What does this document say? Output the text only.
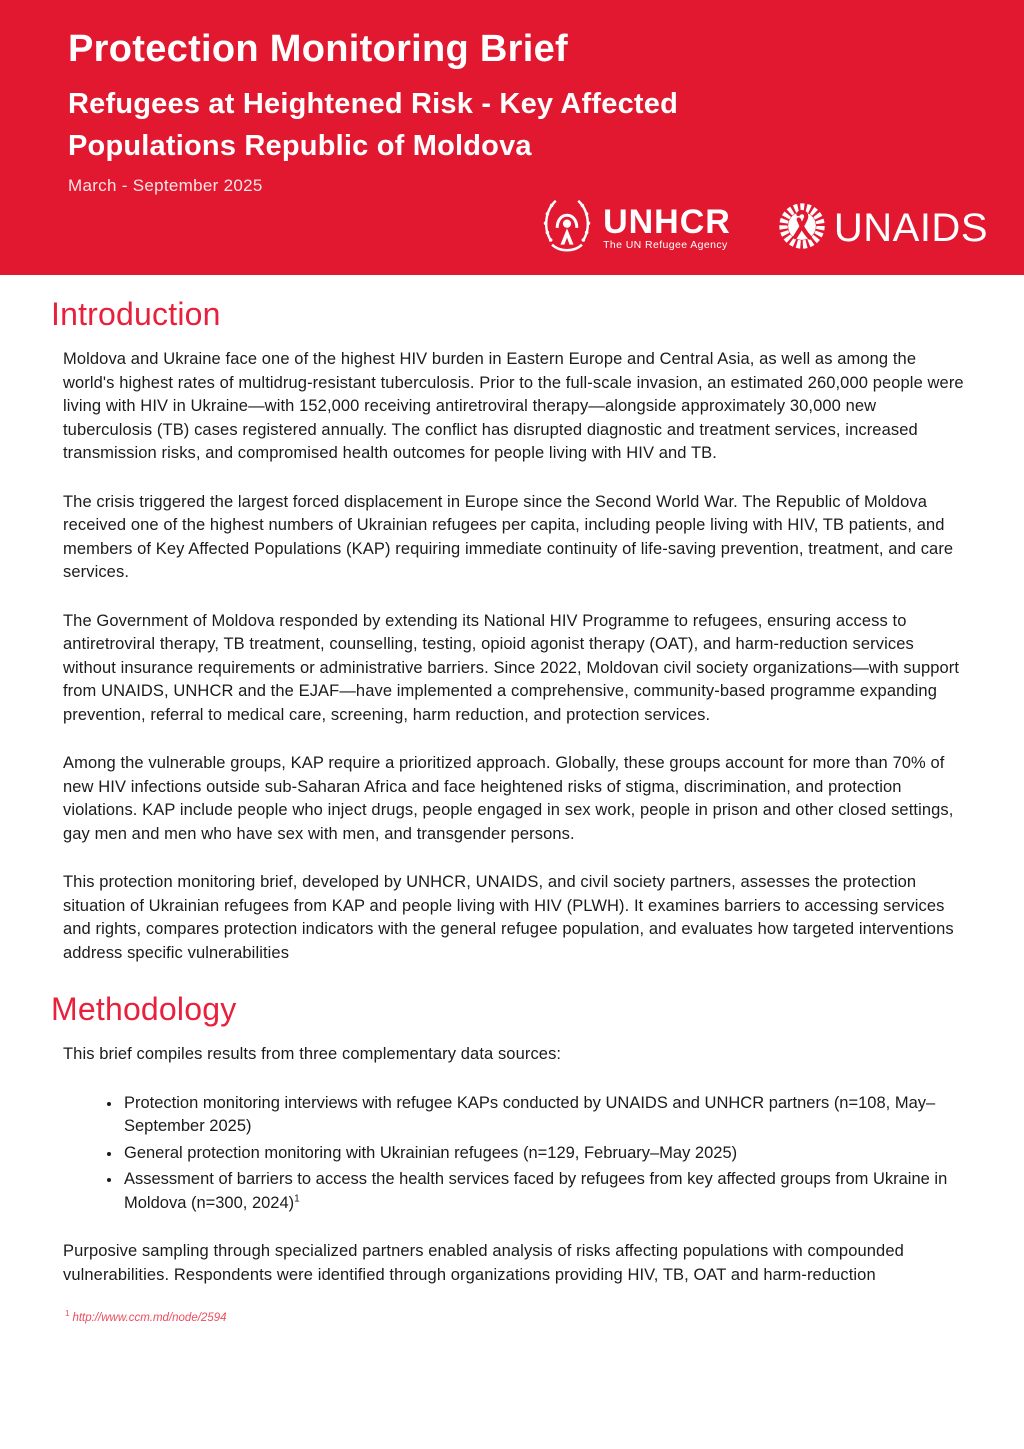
Protection Monitoring Brief
Refugees at Heightened Risk - Key Affected
Populations Republic of Moldova
March - September 2025
UNHCR
The UN Refugee Agency	UNAIDS
Introduction

Moldova and Ukraine face one of the highest HIV burden in Eastern Europe and Central Asia, as well as among the world's highest rates of multidrug-resistant tuberculosis. Prior to the full-scale invasion, an estimated 260,000 people were living with HIV in Ukraine—with 152,000 receiving antiretroviral therapy—alongside approximately 30,000 new tuberculosis (TB) cases registered annually. The conflict has disrupted diagnostic and treatment services, increased transmission risks, and compromised health outcomes for people living with HIV and TB.

The crisis triggered the largest forced displacement in Europe since the Second World War. The Republic of Moldova received one of the highest numbers of Ukrainian refugees per capita, including people living with HIV, TB patients, and members of Key Affected Populations (KAP) requiring immediate continuity of life-saving prevention, treatment, and care services.

The Government of Moldova responded by extending its National HIV Programme to refugees, ensuring access to antiretroviral therapy, TB treatment, counselling, testing, opioid agonist therapy (OAT), and harm-reduction services without insurance requirements or administrative barriers. Since 2022, Moldovan civil society organizations—with support from UNAIDS, UNHCR and the EJAF—have implemented a comprehensive, community-based programme expanding prevention, referral to medical care, screening, harm reduction, and protection services.

Among the vulnerable groups, KAP require a prioritized approach. Globally, these groups account for more than 70% of new HIV infections outside sub-Saharan Africa and face heightened risks of stigma, discrimination, and protection violations. KAP include people who inject drugs, people engaged in sex work, people in prison and other closed settings, gay men and men who have sex with men, and transgender persons.

This protection monitoring brief, developed by UNHCR, UNAIDS, and civil society partners, assesses the protection situation of Ukrainian refugees from KAP and people living with HIV (PLWH). It examines barriers to accessing services and rights, compares protection indicators with the general refugee population, and evaluates how targeted interventions address specific vulnerabilities

Methodology

This brief compiles results from three complementary data sources:

• Protection monitoring interviews with refugee KAPs conducted by UNAIDS and UNHCR partners (n=108, May–September 2025)
• General protection monitoring with Ukrainian refugees (n=129, February–May 2025)
• Assessment of barriers to access the health services faced by refugees from key affected groups from Ukraine in Moldova (n=300, 2024)$^1$

Purposive sampling through specialized partners enabled analysis of risks affecting populations with compounded vulnerabilities. Respondents were identified through organizations providing HIV, TB, OAT and harm-reduction

$^1$ http://www.ccm.md/node/2594
